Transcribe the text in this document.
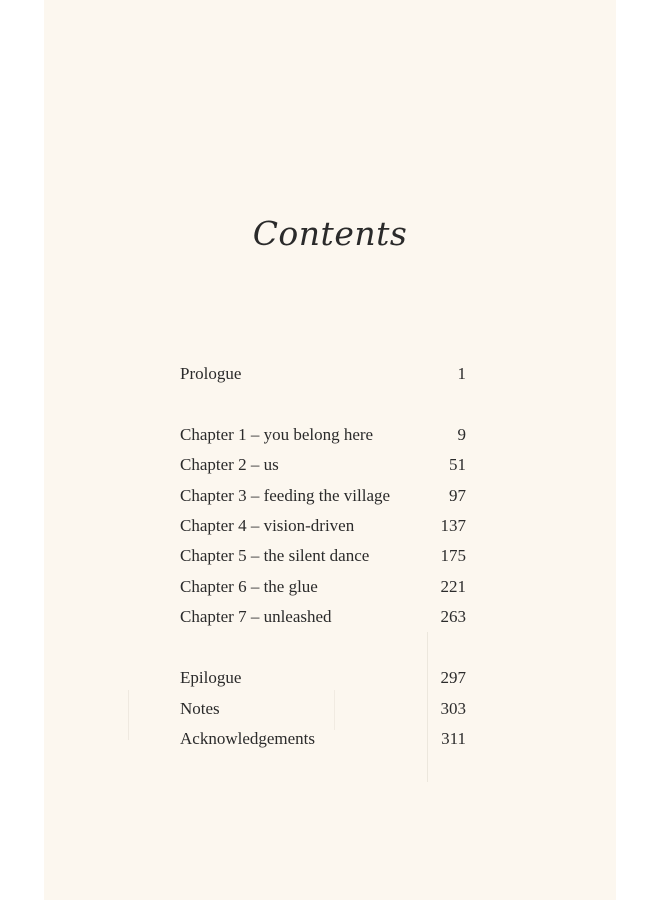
Contents
Prologue	1
Chapter 1 – you belong here	9
Chapter 2 – us	51
Chapter 3 – feeding the village	97
Chapter 4 – vision-driven	137
Chapter 5 – the silent dance	175
Chapter 6 – the glue	221
Chapter 7 – unleashed	263
Epilogue	297
Notes	303
Acknowledgements	311
